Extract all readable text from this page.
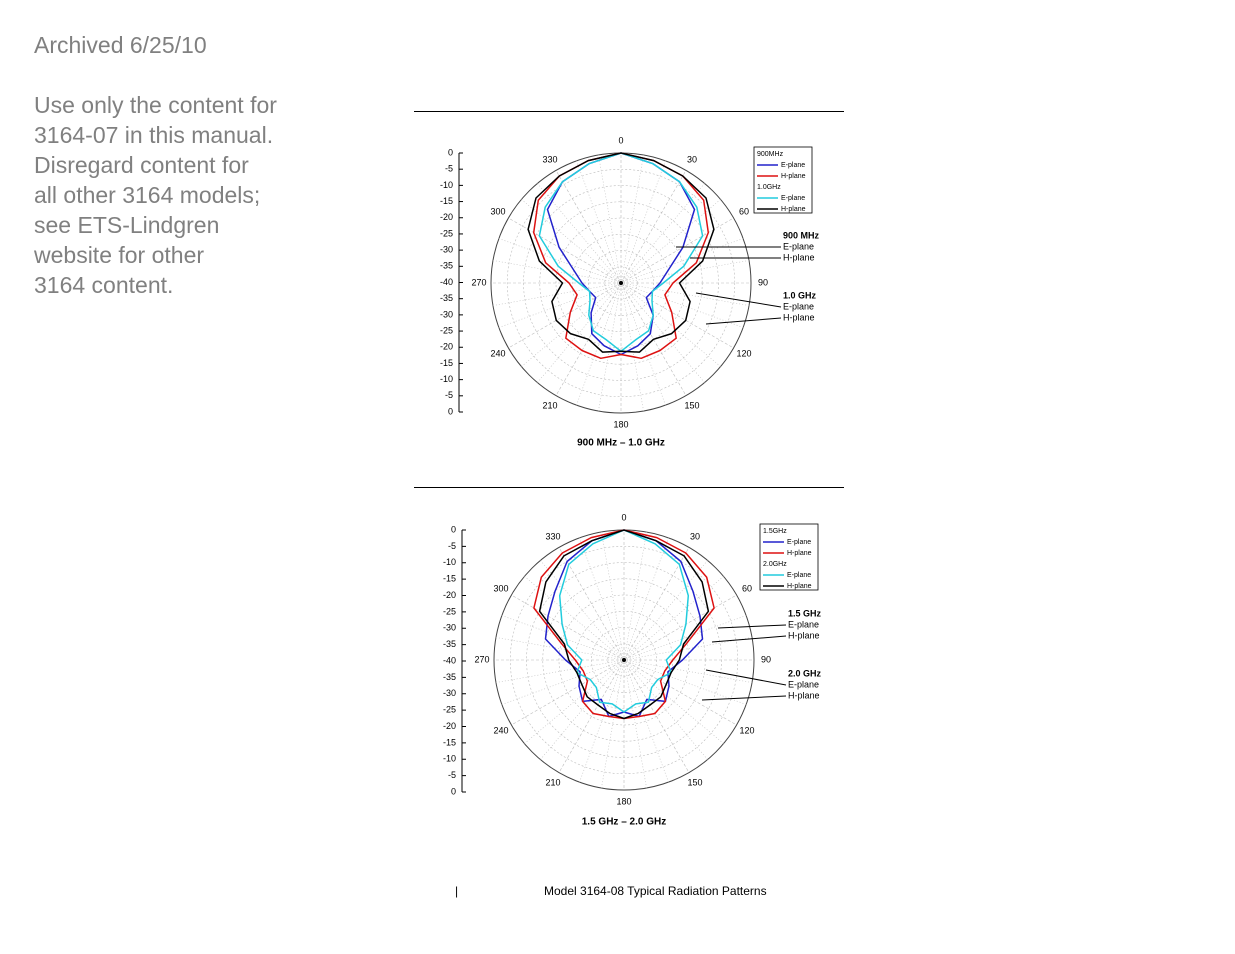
Archived 6/25/10
Use only the content for
3164-07 in this manual.
Disregard content for
all other 3164 models;
see ETS-Lindgren
website for other
3164 content.
0
30
60
90
120
150
180
210
240
270
300
330
0
-5
-10
-15
-20
-25
-30
-35
-40
-35
-30
-25
-20
-15
-10
-5
0
900MHz
E-plane
H-plane
1.0GHz
E-plane
H-plane
900 MHz
E-plane
H-plane
1.0 GHz
E-plane
H-plane
900 MHz – 1.0 GHz
0
30
60
90
120
150
180
210
240
270
300
330
0
-5
-10
-15
-20
-25
-30
-35
-40
-35
-30
-25
-20
-15
-10
-5
0
1.5GHz
E-plane
H-plane
2.0GHz
E-plane
H-plane
1.5 GHz
E-plane
H-plane
2.0 GHz
E-plane
H-plane
1.5 GHz – 2.0 GHz
|	Model 3164-08 Typical Radiation Patterns
